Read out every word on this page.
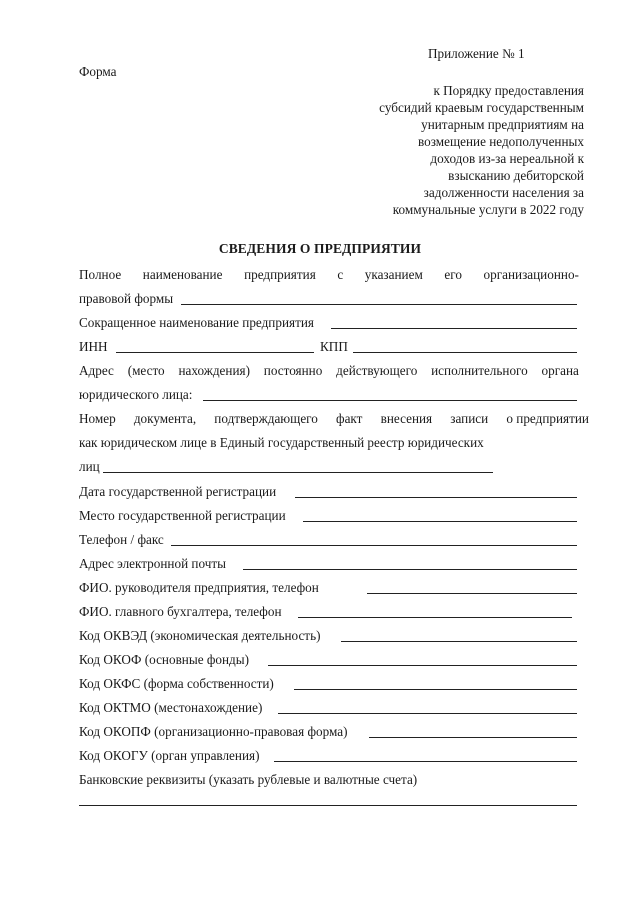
Приложение № 1
Форма
к Порядку предоставления
субсидий краевым государственным
унитарным предприятиям на
возмещение недополученных
доходов из-за нереальной к
взысканию дебиторской
задолженности населения за
коммунальные услуги в 2022 году
СВЕДЕНИЯ О ПРЕДПРИЯТИИ
Полное наименование предприятия с указанием его организационно-
правовой формы
Сокращенное наименование предприятия
ИНН	КПП
Адрес (место нахождения) постоянно действующего исполнительного органа
юридического лица:
Номер документа, подтверждающего факт внесения записи о предприятии
как юридическом лице в Единый государственный реестр юридических
лиц
Дата государственной регистрации
Место государственной регистрации
Телефон / факс
Адрес электронной почты
ФИО. руководителя предприятия, телефон
ФИО. главного бухгалтера, телефон
Код ОКВЭД (экономическая деятельность)
Код ОКОФ (основные фонды)
Код ОКФС (форма собственности)
Код ОКТМО (местонахождение)
Код ОКОПФ (организационно-правовая форма)
Код ОКОГУ (орган управления)
Банковские реквизиты (указать рублевые и валютные счета)
